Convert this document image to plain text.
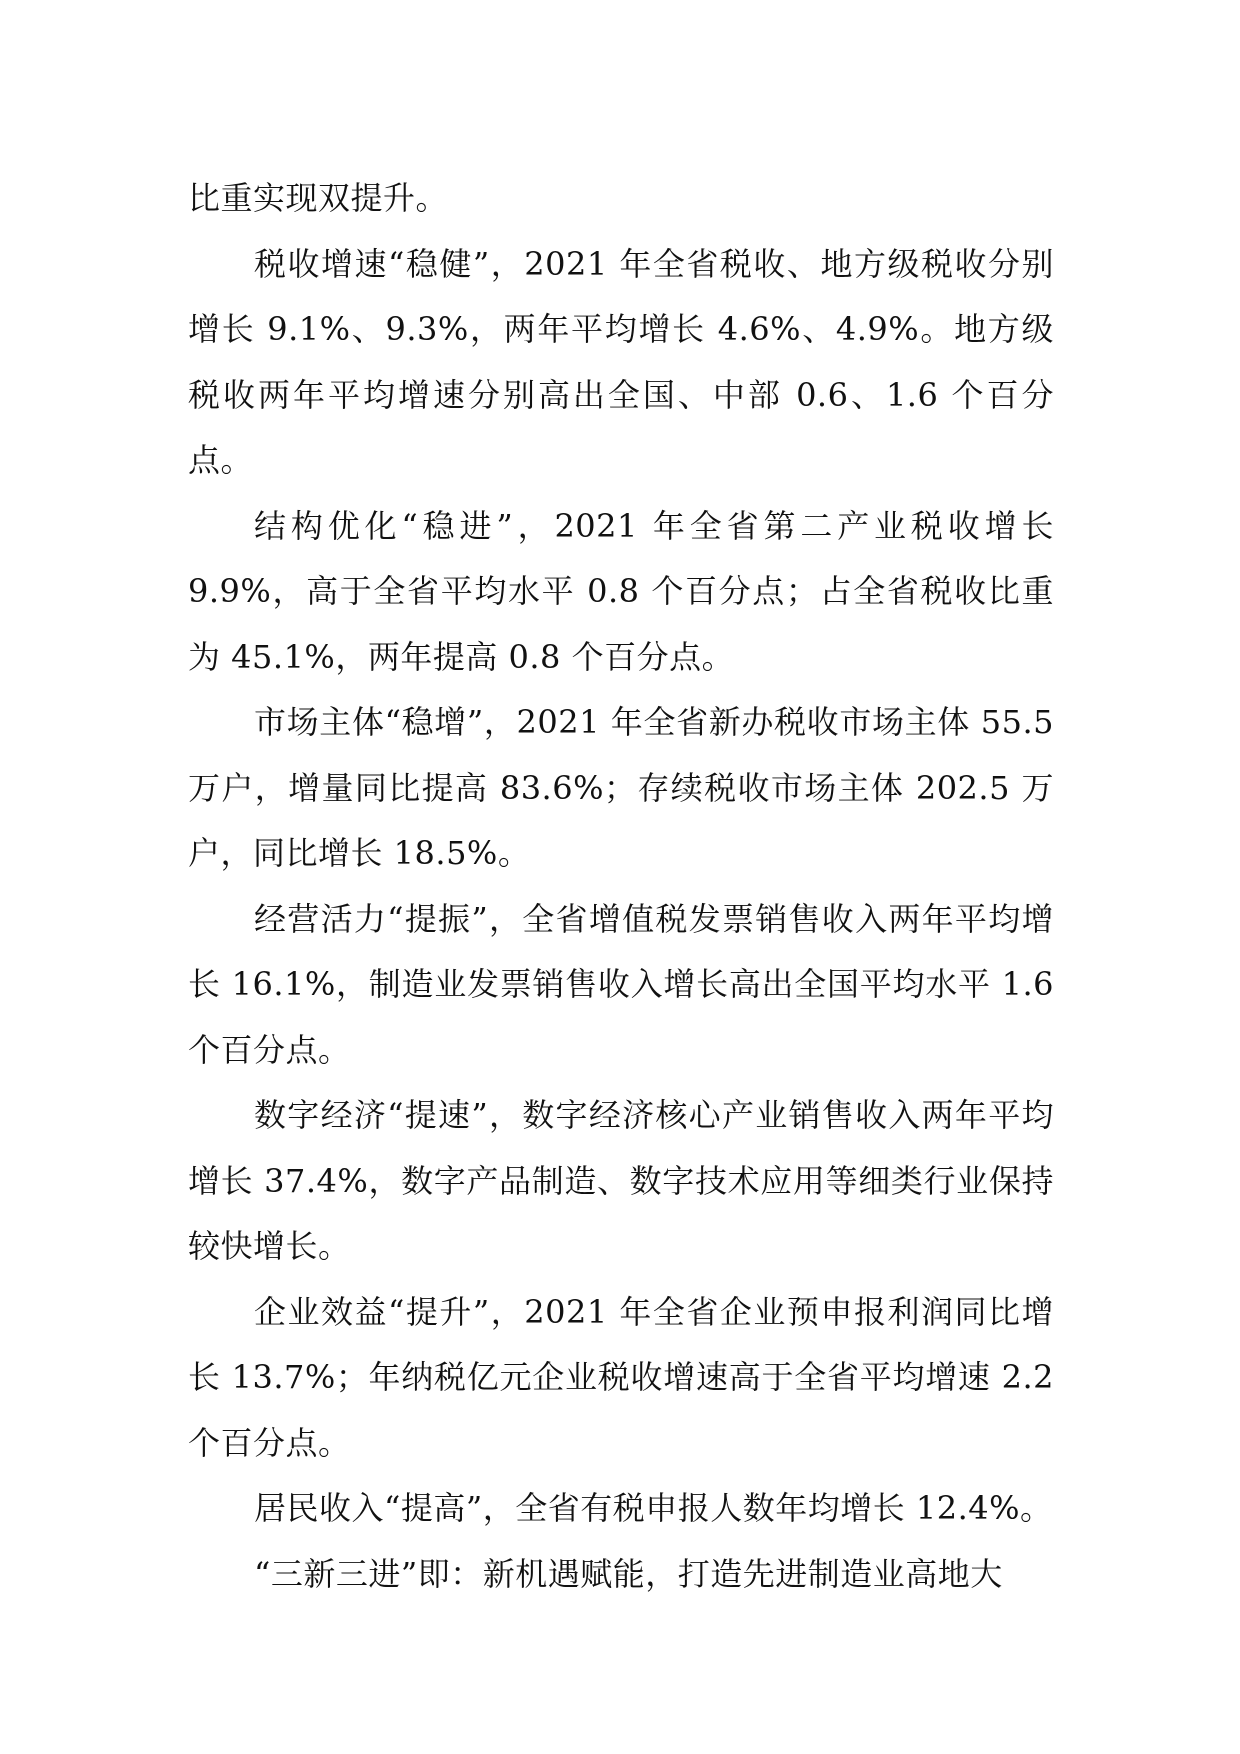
比重实现双提升。

税收增速“稳健”，2021 年全省税收、地方级税收分别增长 9.1%、9.3%，两年平均增长 4.6%、4.9%。地方级税收两年平均增速分别高出全国、中部 0.6、1.6 个百分点。

结构优化“稳进”，2021 年全省第二产业税收增长 9.9%，高于全省平均水平 0.8 个百分点；占全省税收比重为 45.1%，两年提高 0.8 个百分点。

市场主体“稳增”，2021 年全省新办税收市场主体 55.5 万户，增量同比提高 83.6%；存续税收市场主体 202.5 万户，同比增长 18.5%。

经营活力“提振”，全省增值税发票销售收入两年平均增长 16.1%，制造业发票销售收入增长高出全国平均水平 1.6 个百分点。

数字经济“提速”，数字经济核心产业销售收入两年平均增长 37.4%，数字产品制造、数字技术应用等细类行业保持较快增长。

企业效益“提升”，2021 年全省企业预申报利润同比增长 13.7%；年纳税亿元企业税收增速高于全省平均增速 2.2 个百分点。

居民收入“提高”，全省有税申报人数年均增长 12.4%。

“三新三进”即：新机遇赋能，打造先进制造业高地大
